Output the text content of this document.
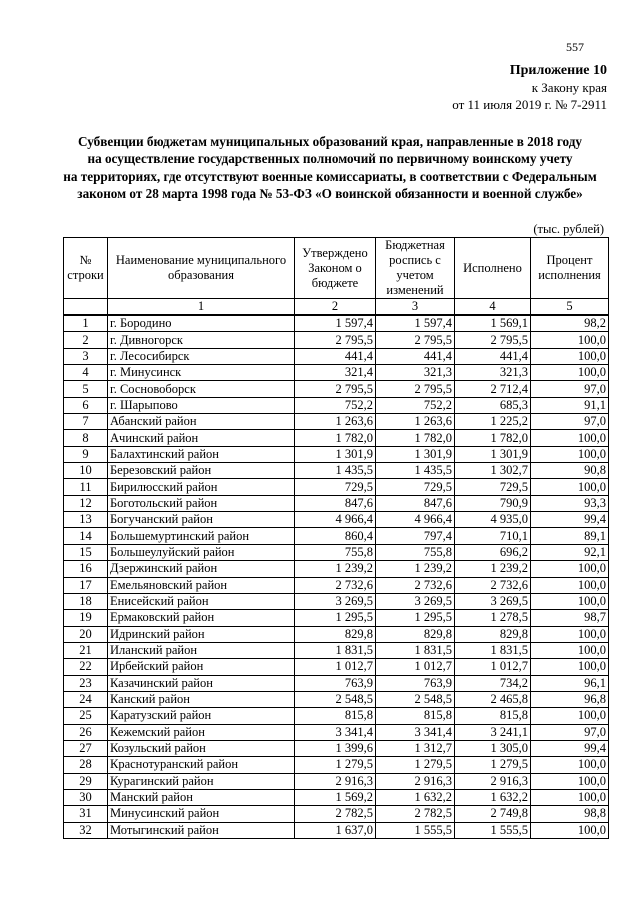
557
Приложение 10
к Закону края
от 11 июля 2019 г. № 7-2911
Субвенции бюджетам муниципальных образований края, направленные в 2018 году
на осуществление государственных полномочий по первичному воинскому учету
на территориях, где отсутствуют военные комиссариаты, в соответствии с Федеральным
законом от 28 марта 1998 года № 53-ФЗ «О воинской обязанности и военной службе»
(тыс. рублей)
№ строки	Наименование муниципального образования	Утверждено Законом о бюджете	Бюджетная роспись с учетом изменений	Исполнено	Процент исполнения
	1	2	3	4	5
1	г. Бородино	1 597,4	1 597,4	1 569,1	98,2
2	г. Дивногорск	2 795,5	2 795,5	2 795,5	100,0
3	г. Лесосибирск	441,4	441,4	441,4	100,0
4	г. Минусинск	321,4	321,3	321,3	100,0
5	г. Сосновоборск	2 795,5	2 795,5	2 712,4	97,0
6	г. Шарыпово	752,2	752,2	685,3	91,1
7	Абанский район	1 263,6	1 263,6	1 225,2	97,0
8	Ачинский район	1 782,0	1 782,0	1 782,0	100,0
9	Балахтинский район	1 301,9	1 301,9	1 301,9	100,0
10	Березовский район	1 435,5	1 435,5	1 302,7	90,8
11	Бирилюсский район	729,5	729,5	729,5	100,0
12	Боготольский район	847,6	847,6	790,9	93,3
13	Богучанский район	4 966,4	4 966,4	4 935,0	99,4
14	Большемуртинский район	860,4	797,4	710,1	89,1
15	Большеулуйский район	755,8	755,8	696,2	92,1
16	Дзержинский район	1 239,2	1 239,2	1 239,2	100,0
17	Емельяновский район	2 732,6	2 732,6	2 732,6	100,0
18	Енисейский район	3 269,5	3 269,5	3 269,5	100,0
19	Ермаковский район	1 295,5	1 295,5	1 278,5	98,7
20	Идринский район	829,8	829,8	829,8	100,0
21	Иланский район	1 831,5	1 831,5	1 831,5	100,0
22	Ирбейский район	1 012,7	1 012,7	1 012,7	100,0
23	Казачинский район	763,9	763,9	734,2	96,1
24	Канский район	2 548,5	2 548,5	2 465,8	96,8
25	Каратузский район	815,8	815,8	815,8	100,0
26	Кежемский район	3 341,4	3 341,4	3 241,1	97,0
27	Козульский район	1 399,6	1 312,7	1 305,0	99,4
28	Краснотуранский район	1 279,5	1 279,5	1 279,5	100,0
29	Курагинский район	2 916,3	2 916,3	2 916,3	100,0
30	Манский район	1 569,2	1 632,2	1 632,2	100,0
31	Минусинский район	2 782,5	2 782,5	2 749,8	98,8
32	Мотыгинский район	1 637,0	1 555,5	1 555,5	100,0
